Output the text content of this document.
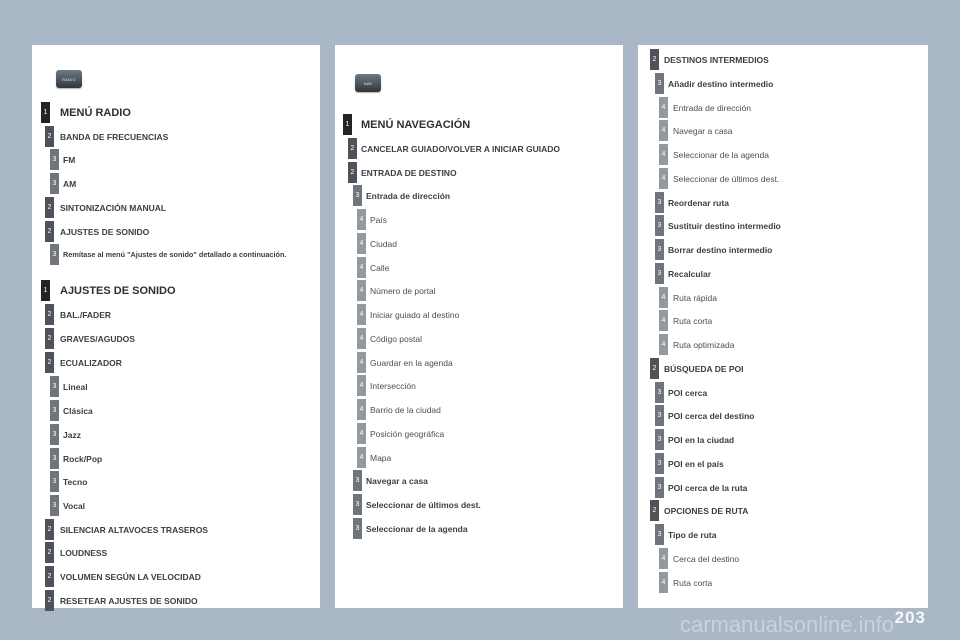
RADIO
1 MENÚ RADIO
2 BANDA DE FRECUENCIAS
3 FM
3 AM
2 SINTONIZACIÓN MANUAL
2 AJUSTES DE SONIDO
3 Remítase al menú "Ajustes de sonido" detallado a continuación.
1 AJUSTES DE SONIDO
2 BAL./FADER
2 GRAVES/AGUDOS
2 ECUALIZADOR
3 Lineal
3 Clásica
3 Jazz
3 Rock/Pop
3 Tecno
3 Vocal
2 SILENCIAR ALTAVOCES TRASEROS
2 LOUDNESS
2 VOLUMEN SEGÚN LA VELOCIDAD
2 RESETEAR AJUSTES DE SONIDO
NAV
1 MENÚ NAVEGACIÓN
2 CANCELAR GUIADO/VOLVER A INICIAR GUIADO
2 ENTRADA DE DESTINO
3 Entrada de dirección
4 País
4 Ciudad
4 Calle
4 Número de portal
4 Iniciar guiado al destino
4 Código postal
4 Guardar en la agenda
4 Intersección
4 Barrio de la ciudad
4 Posición geográfica
4 Mapa
3 Navegar a casa
3 Seleccionar de últimos dest.
3 Seleccionar de la agenda
2 DESTINOS INTERMEDIOS
3 Añadir destino intermedio
4 Entrada de dirección
4 Navegar a casa
4 Seleccionar de la agenda
4 Seleccionar de últimos dest.
3 Reordenar ruta
3 Sustituir destino intermedio
3 Borrar destino intermedio
3 Recalcular
4 Ruta rápida
4 Ruta corta
4 Ruta optimizada
2 BÚSQUEDA DE POI
3 POI cerca
3 POI cerca del destino
3 POI en la ciudad
3 POI en el país
3 POI cerca de la ruta
2 OPCIONES DE RUTA
3 Tipo de ruta
4 Cerca del destino
4 Ruta corta
carmanualsonline.info 203
